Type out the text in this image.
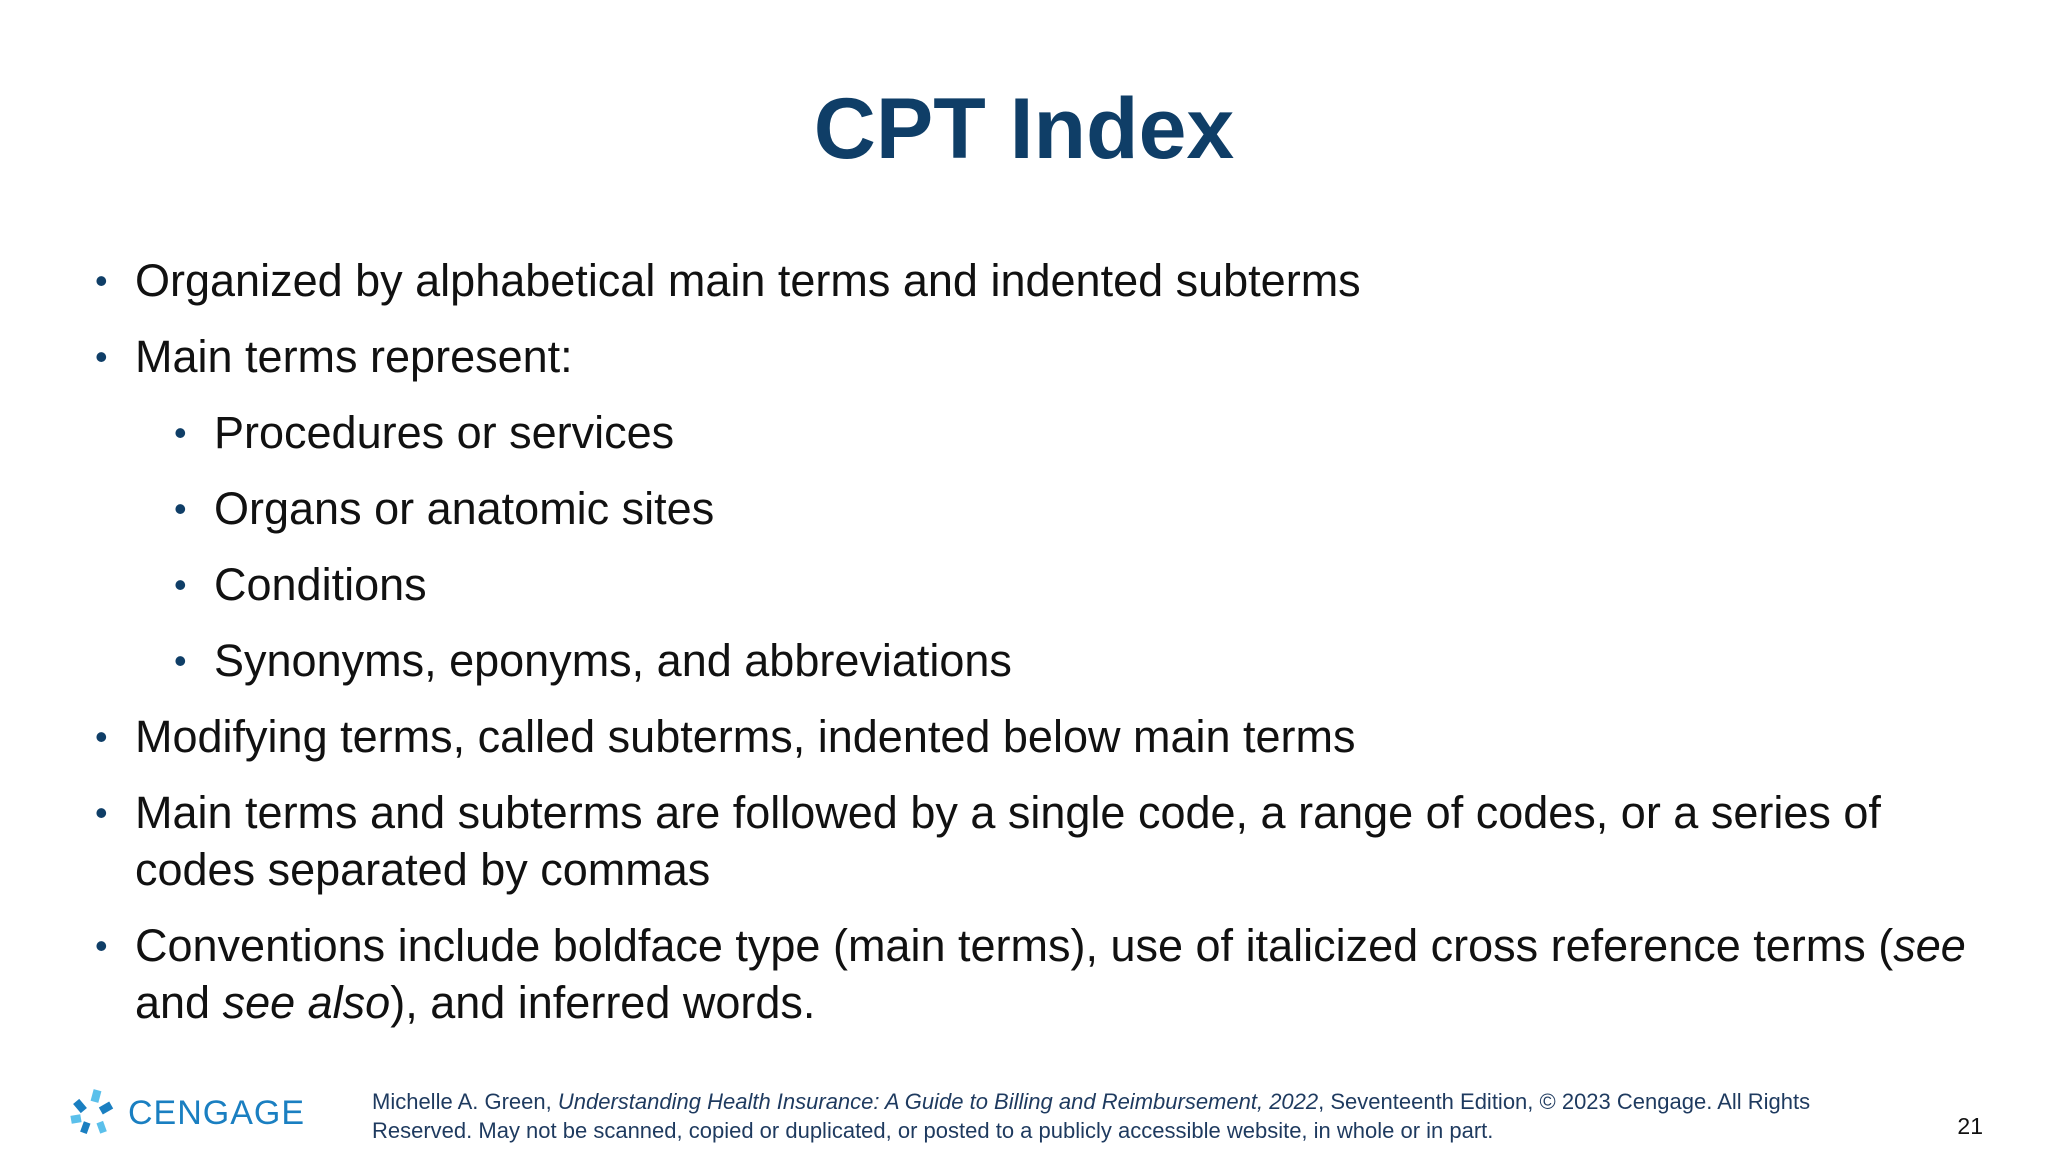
CPT Index
•
Organized by alphabetical main terms and indented subterms
•
Main terms represent:
•
Procedures or services
•
Organs or anatomic sites
•
Conditions
•
Synonyms, eponyms, and abbreviations
•
Modifying terms, called subterms, indented below main terms
•
Main terms and subterms are followed by a single code, a range of codes, or a series of codes separated by commas
•
Conventions include boldface type (main terms), use of italicized cross reference terms (see and see also), and inferred words.
CENGAGE	Michelle A. Green, Understanding Health Insurance: A Guide to Billing and Reimbursement, 2022, Seventeenth Edition, © 2023 Cengage. All Rights Reserved. May not be scanned, copied or duplicated, or posted to a publicly accessible website, in whole or in part.	21
